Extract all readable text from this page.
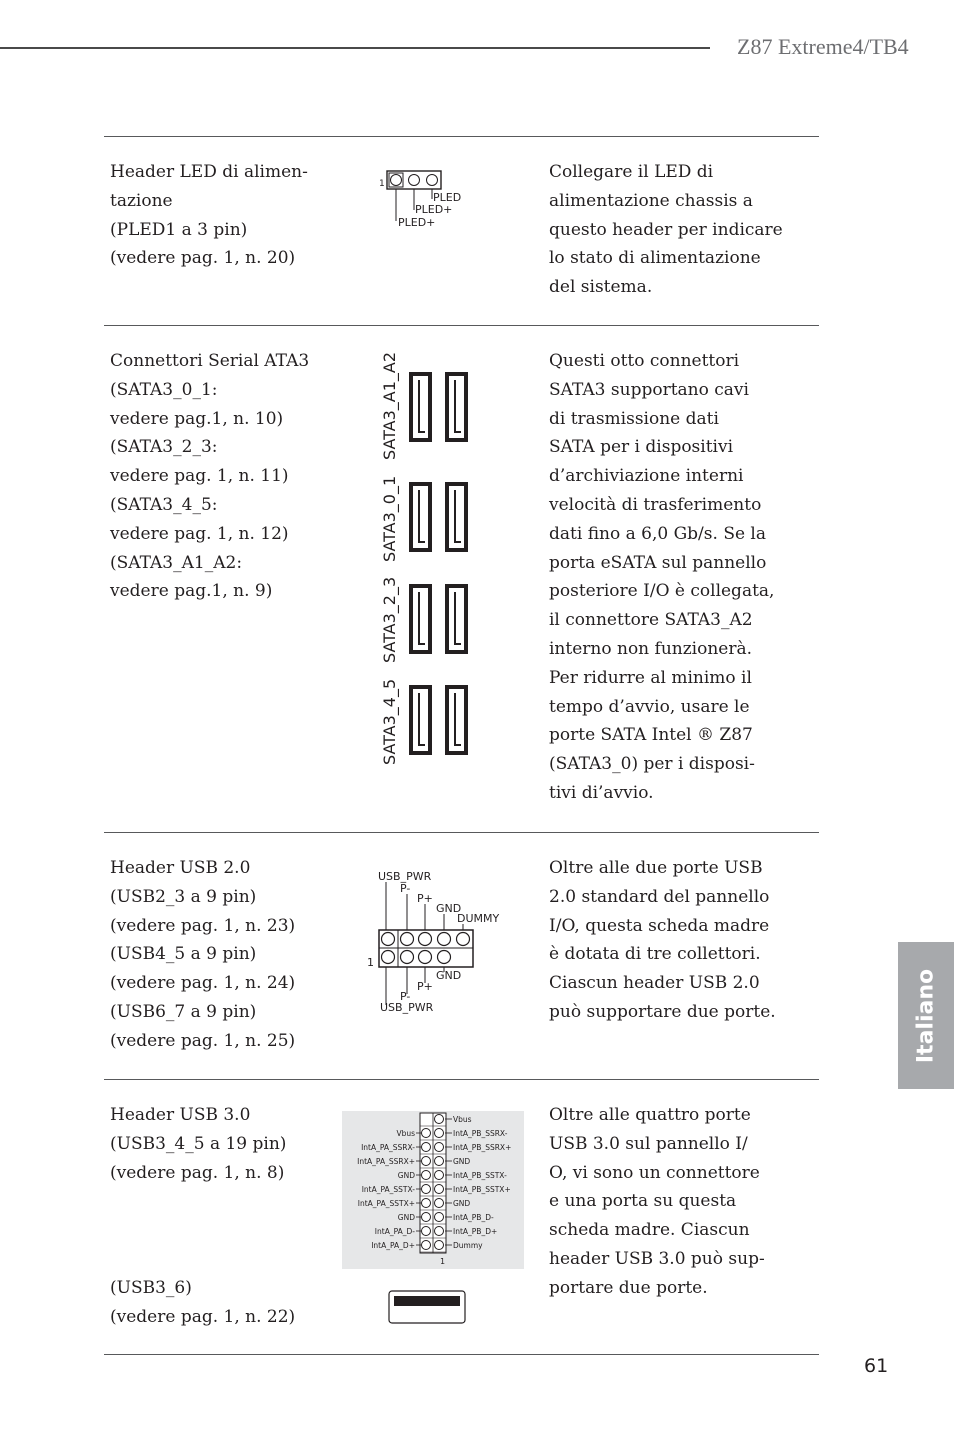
Z87 Extreme4/TB4
Italiano
Header LED di alimen-
tazione
(PLED1 a 3 pin)
(vedere pag. 1, n. 20)
1
PLED
PLED+
PLED+
Collegare il LED di
alimentazione chassis a
questo header per indicare
lo stato di alimentazione
del sistema.
Connettori Serial ATA3
(SATA3_0_1:
vedere pag.1, n. 10)
(SATA3_2_3:
vedere pag. 1, n. 11)
(SATA3_4_5:
vedere pag. 1, n. 12)
(SATA3_A1_A2:
vedere pag.1, n. 9)
SATA3_A1_A2
SATA3_0_1
SATA3_2_3
SATA3_4_5
Questi otto connettori
SATA3 supportano cavi
di trasmissione dati
SATA per i dispositivi
d’archiviazione interni
velocità di trasferimento
dati fino a 6,0 Gb/s. Se la
porta eSATA sul pannello
posteriore I/O è collegata,
il connettore SATA3_A2
interno non funzionerà.
Per ridurre al minimo il
tempo d’avvio, usare le
porte SATA Intel ® Z87
(SATA3_0) per i disposi-
tivi di’avvio.
Header USB 2.0
(USB2_3 a 9 pin)
(vedere pag. 1, n. 23)
(USB4_5 a 9 pin)
(vedere pag. 1, n. 24)
(USB6_7 a 9 pin)
(vedere pag. 1, n. 25)
USB_PWR
P-
P+
GND
DUMMY
1
GND
P+
P-
USB_PWR
Oltre alle due porte USB
2.0 standard del pannello
I/O, questa scheda madre
è dotata di tre collettori.
Ciascun header USB 2.0
può supportare due porte.
Header USB 3.0
(USB3_4_5 a 19 pin)
(vedere pag. 1, n. 8)
(USB3_6)
(vedere pag. 1, n. 22)
Vbus
IntA_PA_SSRX-
IntA_PA_SSRX+
GND
IntA_PA_SSTX-
IntA_PA_SSTX+
GND
IntA_PA_D-
IntA_PA_D+
Vbus
IntA_PB_SSRX-
IntA_PB_SSRX+
GND
IntA_PB_SSTX-
IntA_PB_SSTX+
GND
IntA_PB_D-
IntA_PB_D+
Dummy
1
Oltre alle quattro porte
USB 3.0 sul pannello I/
O, vi sono un connettore
e una porta su questa
scheda madre. Ciascun
header USB 3.0 può sup-
portare due porte.
61
